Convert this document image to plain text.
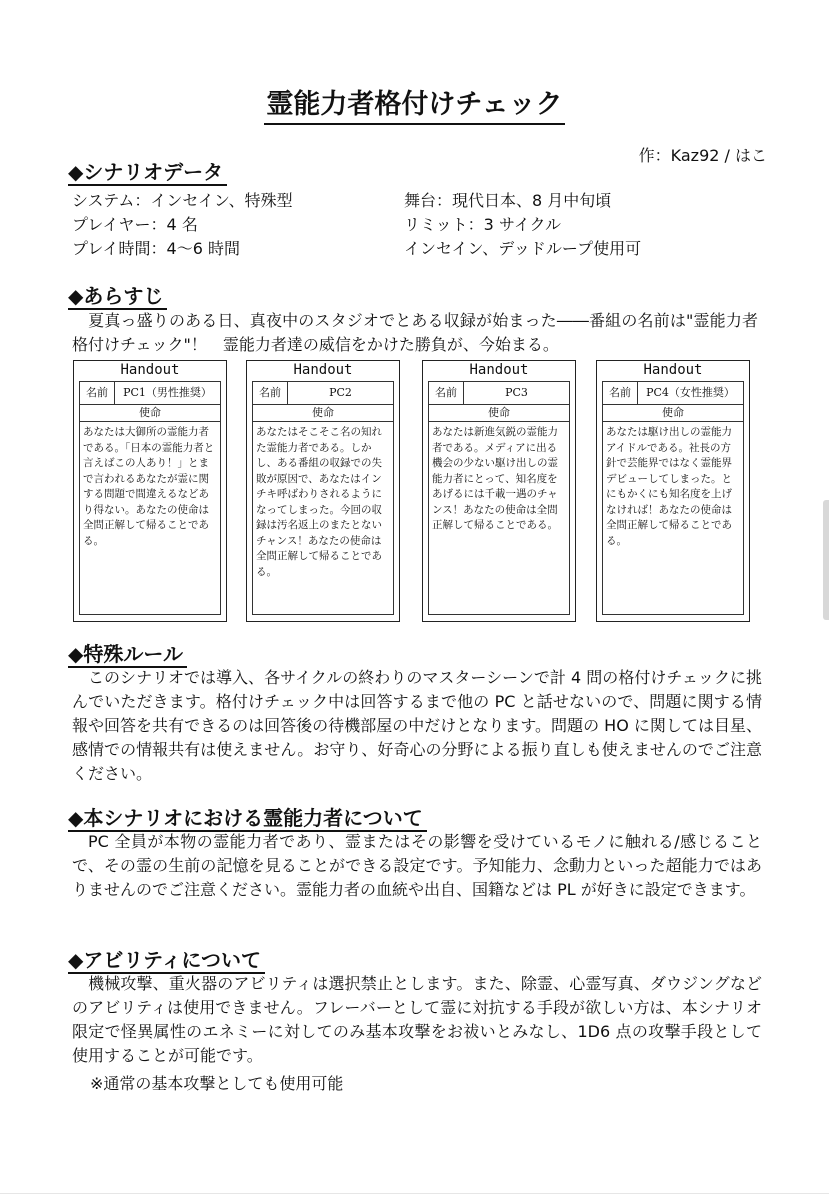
霊能力者格付けチェック
作：Kaz92 / はこ
◆シナリオデータ
システム：インセイン、特殊型
プレイヤー：4 名
プレイ時間：4～6 時間
舞台：現代日本、8 月中旬頃
リミット：3 サイクル
インセイン、デッドループ使用可
◆あらすじ

夏真っ盛りのある日、真夜中のスタジオでとある収録が始まった――番組の名前は"霊能力者格付けチェック"！　霊能力者達の威信をかけた勝負が、今始まる。

Handout
名前	PC1（男性推奨）
使命

あなたは大御所の霊能力者である。「日本の霊能力者と言えばこの人あり！」とまで言われるあなたが霊に関する問題で間違えるなどあり得ない。あなたの使命は全問正解して帰ることである。

Handout
名前	PC2
使命

あなたはそこそこ名の知れた霊能力者である。しかし、ある番組の収録での失敗が原因で、あなたはインチキ呼ばわりされるようになってしまった。今回の収録は汚名返上のまたとないチャンス！あなたの使命は全問正解して帰ることである。

Handout
名前	PC3
使命

あなたは新進気鋭の霊能力者である。メディアに出る機会の少ない駆け出しの霊能力者にとって、知名度をあげるには千載一遇のチャンス！あなたの使命は全問正解して帰ることである。

Handout
名前	PC4（女性推奨）
使命

あなたは駆け出しの霊能力アイドルである。社長の方針で芸能界ではなく霊能界デビューしてしまった。とにもかくにも知名度を上げなければ！あなたの使命は全問正解して帰ることである。

◆特殊ルール

このシナリオでは導入、各サイクルの終わりのマスターシーンで計 4 問の格付けチェックに挑んでいただきます。格付けチェック中は回答するまで他の PC と話せないので、問題に関する情報や回答を共有できるのは回答後の待機部屋の中だけとなります。問題の HO に関しては目星、感情での情報共有は使えません。お守り、好奇心の分野による振り直しも使えませんのでご注意ください。

◆本シナリオにおける霊能力者について

PC 全員が本物の霊能力者であり、霊またはその影響を受けているモノに触れる/感じることで、その霊の生前の記憶を見ることができる設定です。予知能力、念動力といった超能力ではありませんのでご注意ください。霊能力者の血統や出自、国籍などは PL が好きに設定できます。

◆アビリティについて

機械攻撃、重火器のアビリティは選択禁止とします。また、除霊、心霊写真、ダウジングなどのアビリティは使用できません。フレーバーとして霊に対抗する手段が欲しい方は、本シナリオ限定で怪異属性のエネミーに対してのみ基本攻撃をお祓いとみなし、1D6 点の攻撃手段として使用することが可能です。

※通常の基本攻撃としても使用可能
